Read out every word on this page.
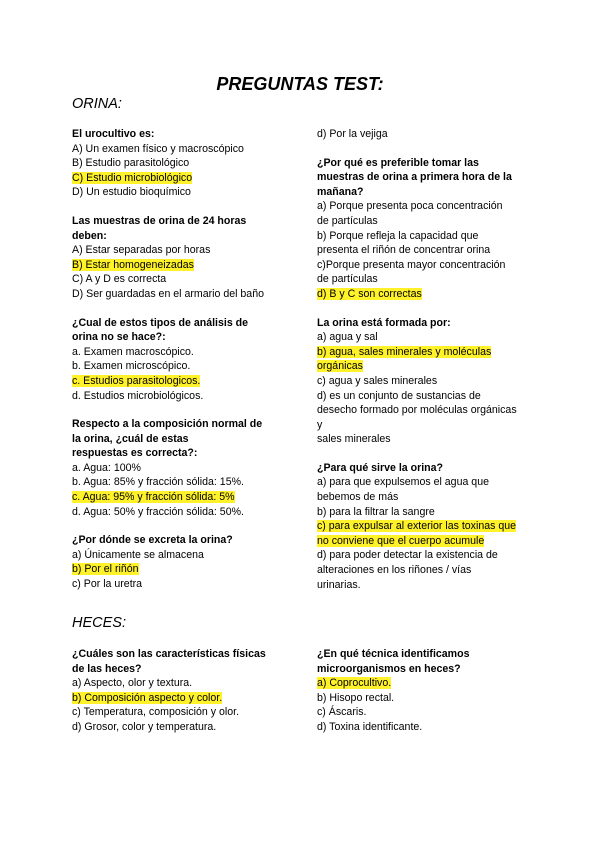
PREGUNTAS TEST:
ORINA:
El urocultivo es:
A) Un examen físico y macroscópico
B) Estudio parasitológico
C) Estudio microbiológico
D) Un estudio bioquímico
Las muestras de orina de 24 horas
deben:
A) Estar separadas por horas
B) Estar homogeneizadas
C) A y D es correcta
D) Ser guardadas en el armario del baño
¿Cual de estos tipos de análisis de
orina no se hace?:
a. Examen macroscópico.
b. Examen microscópico.
c. Estudios parasitologicos.
d. Estudios microbiológicos.
Respecto a la composición normal de
la orina, ¿cuál de estas
respuestas es correcta?:
a. Agua: 100%
b. Agua: 85% y fracción sólida: 15%.
c. Agua: 95% y fracción sólida: 5%
d. Agua: 50% y fracción sólida: 50%.
¿Por dónde se excreta la orina?
a) Únicamente se almacena
b) Por el riñón
c) Por la uretra
d) Por la vejiga
¿Por qué es preferible tomar las
muestras de orina a primera hora de la
mañana?
a) Porque presenta poca concentración
de partículas
b) Porque refleja la capacidad que
presenta el riñón de concentrar orina
c)Porque presenta mayor concentración
de partículas
d) B y C son correctas
La orina está formada por:
a) agua y sal
b) agua, sales minerales y moléculas
orgánicas
c) agua y sales minerales
d) es un conjunto de sustancias de
desecho formado por moléculas orgánicas
y
sales minerales
¿Para qué sirve la orina?
a) para que expulsemos el agua que
bebemos de más
b) para la filtrar la sangre
c) para expulsar al exterior las toxinas que
no conviene que el cuerpo acumule
d) para poder detectar la existencia de
alteraciones en los riñones / vías
urinarias.
HECES:
¿Cuáles son las características físicas
de las heces?
a) Aspecto, olor y textura.
b) Composición aspecto y color.
c) Temperatura, composición y olor.
d) Grosor, color y temperatura.
¿En qué técnica identificamos
microorganismos en heces?
a) Coprocultivo.
b) Hisopo rectal.
c) Áscaris.
d) Toxina identificante.
